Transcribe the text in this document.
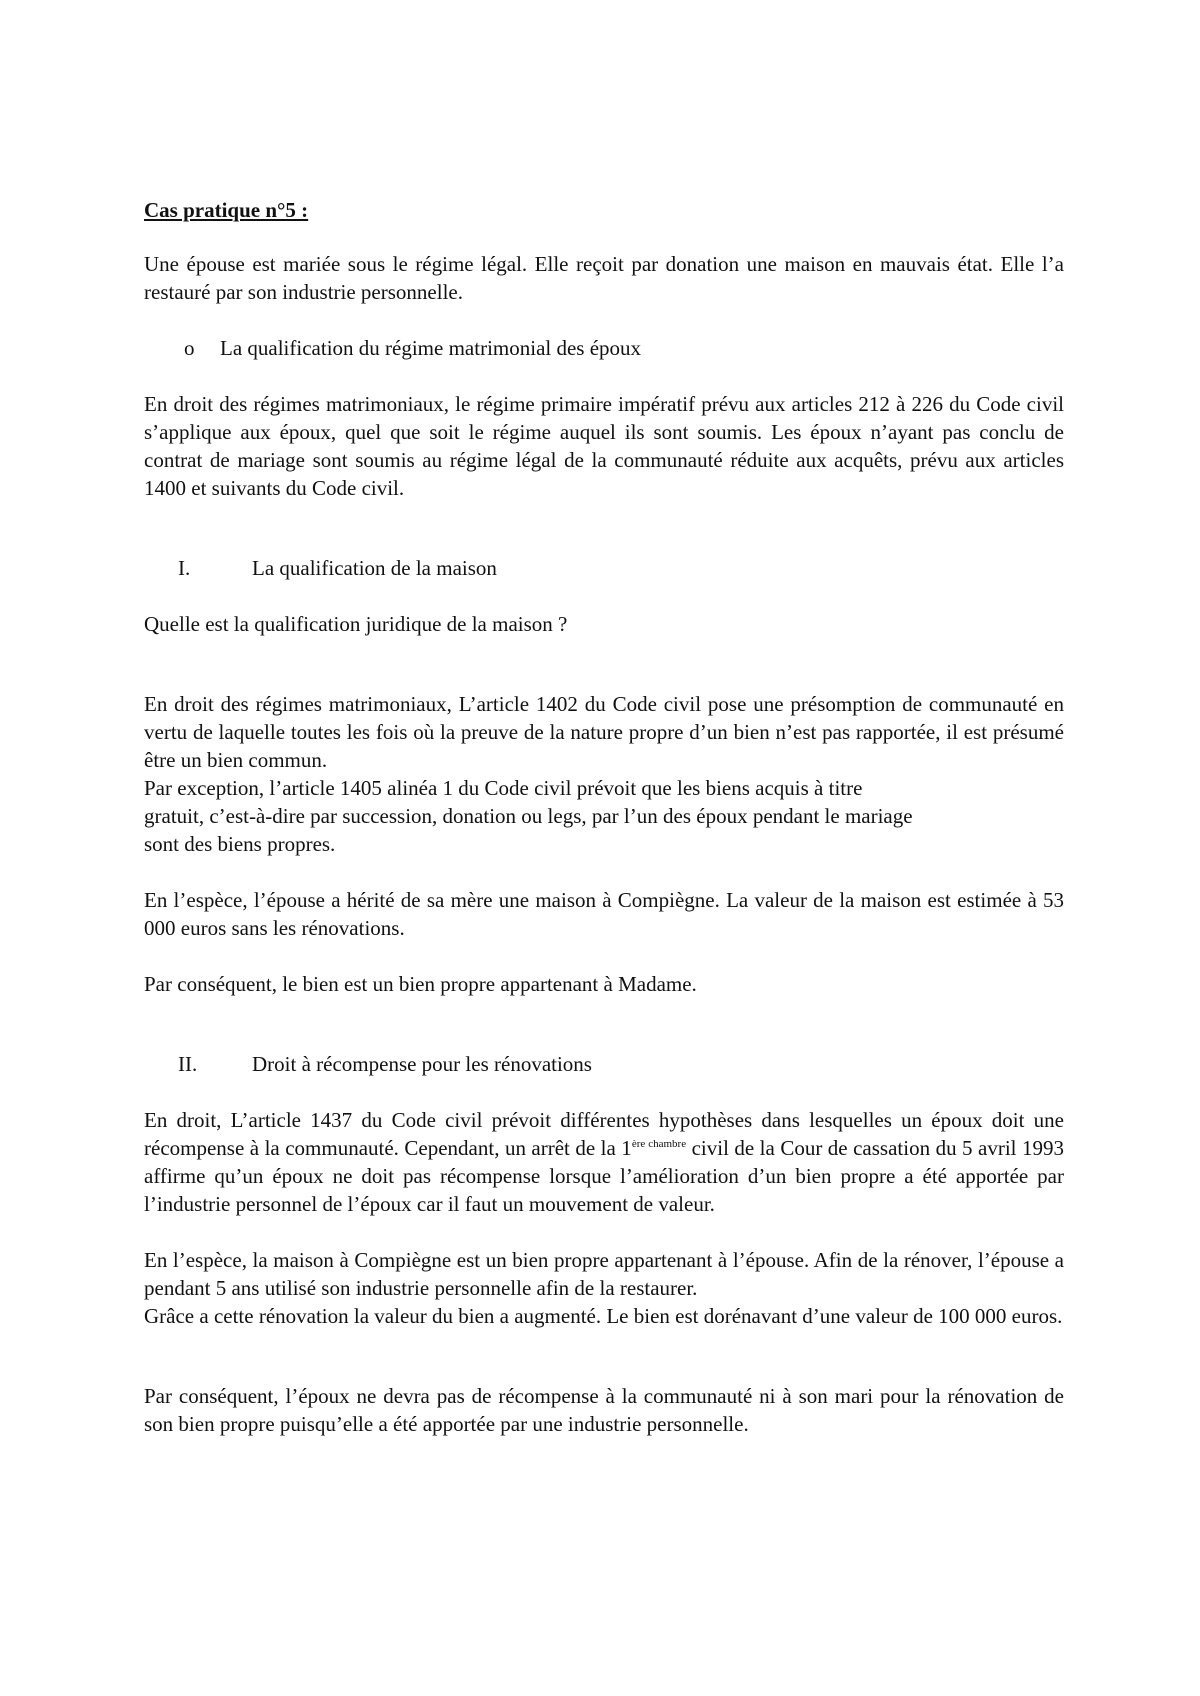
Cas pratique n°5 :

Une épouse est mariée sous le régime légal. Elle reçoit par donation une maison en mauvais état. Elle l’a restauré par son industrie personnelle.

o	La qualification du régime matrimonial des époux

En droit des régimes matrimoniaux, le régime primaire impératif prévu aux articles 212 à 226 du Code civil s’applique aux époux, quel que soit le régime auquel ils sont soumis. Les époux n’ayant pas conclu de contrat de mariage sont soumis au régime légal de la communauté réduite aux acquêts, prévu aux articles 1400 et suivants du Code civil.

I.	La qualification de la maison

Quelle est la qualification juridique de la maison ?

En droit des régimes matrimoniaux, L’article 1402 du Code civil pose une présomption de communauté en vertu de laquelle toutes les fois où la preuve de la nature propre d’un bien n’est pas rapportée, il est présumé être un bien commun.

Par exception, l’article 1405 alinéa 1 du Code civil prévoit que les biens acquis à titre
gratuit, c’est-à-dire par succession, donation ou legs, par l’un des époux pendant le mariage
sont des biens propres.

En l’espèce, l’épouse a hérité de sa mère une maison à Compiègne. La valeur de la maison est estimée à 53 000 euros sans les rénovations.

Par conséquent, le bien est un bien propre appartenant à Madame.

II.	Droit à récompense pour les rénovations

En droit, L’article 1437 du Code civil prévoit différentes hypothèses dans lesquelles un époux doit une récompense à la communauté. Cependant, un arrêt de la $1^{ère chambre}$ civil de la Cour de cassation du 5 avril 1993 affirme qu’un époux ne doit pas récompense lorsque l’amélioration d’un bien propre a été apportée par l’industrie personnel de l’époux car il faut un mouvement de valeur.

En l’espèce, la maison à Compiègne est un bien propre appartenant à l’épouse. Afin de la rénover, l’épouse a pendant 5 ans utilisé son industrie personnelle afin de la restaurer.

Grâce a cette rénovation la valeur du bien a augmenté. Le bien est dorénavant d’une valeur de 100 000 euros.

Par conséquent, l’époux ne devra pas de récompense à la communauté ni à son mari pour la rénovation de son bien propre puisqu’elle a été apportée par une industrie personnelle.
